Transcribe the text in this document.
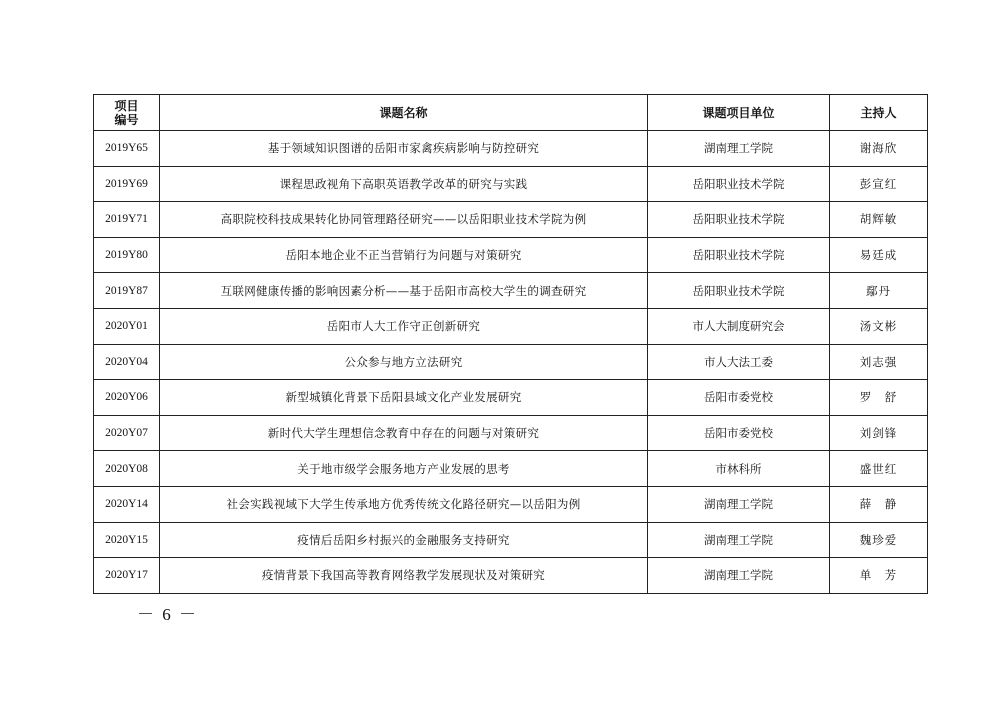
项目
编号	课题名称	课题项目单位	主持人
2019Y65	基于领域知识图谱的岳阳市家禽疾病影响与防控研究	湖南理工学院	谢海欣
2019Y69	课程思政视角下高职英语教学改革的研究与实践	岳阳职业技术学院	彭宣红
2019Y71	高职院校科技成果转化协同管理路径研究——以岳阳职业技术学院为例	岳阳职业技术学院	胡辉敏
2019Y80	岳阳本地企业不正当营销行为问题与对策研究	岳阳职业技术学院	易廷成
2019Y87	互联网健康传播的影响因素分析——基于岳阳市高校大学生的调查研究	岳阳职业技术学院	鄢丹
2020Y01	岳阳市人大工作守正创新研究	市人大制度研究会	汤文彬
2020Y04	公众参与地方立法研究	市人大法工委	刘志强
2020Y06	新型城镇化背景下岳阳县域文化产业发展研究	岳阳市委党校	罗　舒
2020Y07	新时代大学生理想信念教育中存在的问题与对策研究	岳阳市委党校	刘剑锋
2020Y08	关于地市级学会服务地方产业发展的思考	市林科所	盛世红
2020Y14	社会实践视域下大学生传承地方优秀传统文化路径研究—以岳阳为例	湖南理工学院	薛　静
2020Y15	疫情后岳阳乡村振兴的金融服务支持研究	湖南理工学院	魏珍爱
2020Y17	疫情背景下我国高等教育网络教学发展现状及对策研究	湖南理工学院	单　芳
－ 6 －
